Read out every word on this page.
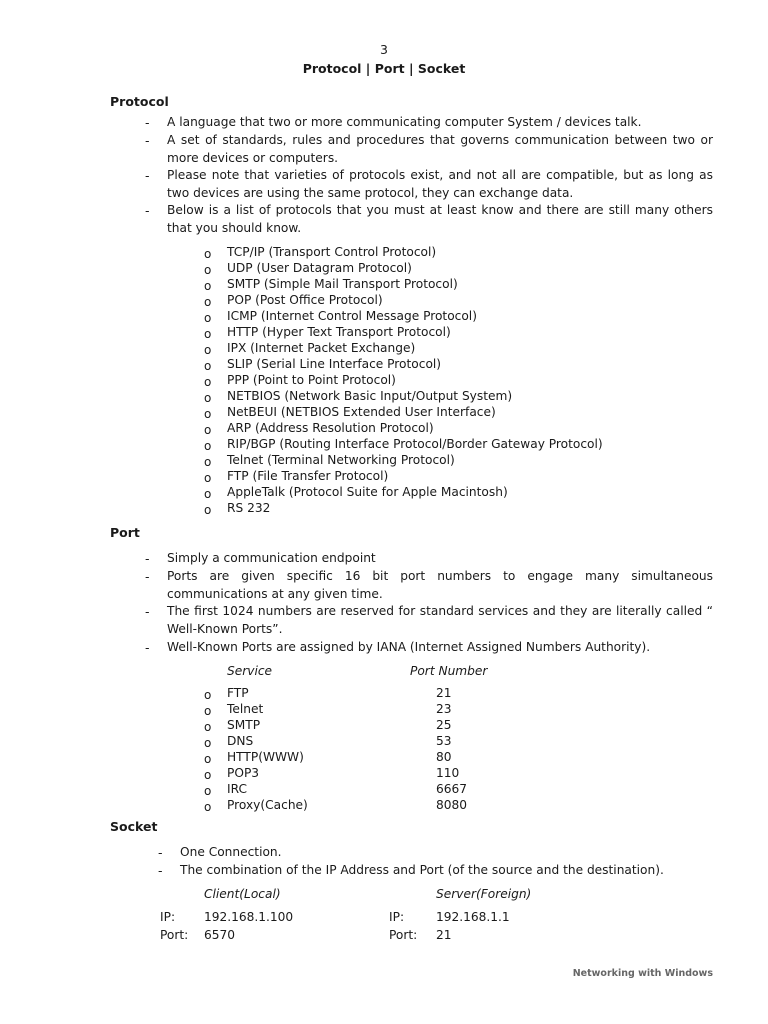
3
Protocol | Port | Socket
Protocol
- A language that two or more communicating computer System / devices talk.
- A set of standards, rules and procedures that governs communication between two or more devices or computers.
- Please note that varieties of protocols exist, and not all are compatible, but as long as two devices are using the same protocol, they can exchange data.
- Below is a list of protocols that you must at least know and there are still many others that you should know.
o TCP/IP (Transport Control Protocol)
o UDP (User Datagram Protocol)
o SMTP (Simple Mail Transport Protocol)
o POP (Post Office Protocol)
o ICMP (Internet Control Message Protocol)
o HTTP (Hyper Text Transport Protocol)
o IPX (Internet Packet Exchange)
o SLIP (Serial Line Interface Protocol)
o PPP (Point to Point Protocol)
o NETBIOS (Network Basic Input/Output System)
o NetBEUI (NETBIOS Extended User Interface)
o ARP (Address Resolution Protocol)
o RIP/BGP (Routing Interface Protocol/Border Gateway Protocol)
o Telnet (Terminal Networking Protocol)
o FTP (File Transfer Protocol)
o AppleTalk (Protocol Suite for Apple Macintosh)
o RS 232
Port
- Simply a communication endpoint
- Ports are given specific 16 bit port numbers to engage many simultaneous communications at any given time.
- The first 1024 numbers are reserved for standard services and they are literally called “ Well-Known Ports”.
- Well-Known Ports are assigned by IANA (Internet Assigned Numbers Authority).
Service	Port Number
o FTP	21
o Telnet	23
o SMTP	25
o DNS	53
o HTTP(WWW)	80
o POP3	110
o IRC	6667
o Proxy(Cache)	8080
Socket
- One Connection.
- The combination of the IP Address and Port (of the source and the destination).
Client(Local)	Server(Foreign)
IP: 192.168.1.100	IP:	192.168.1.1
Port: 6570	Port: 21
Networking with Windows
